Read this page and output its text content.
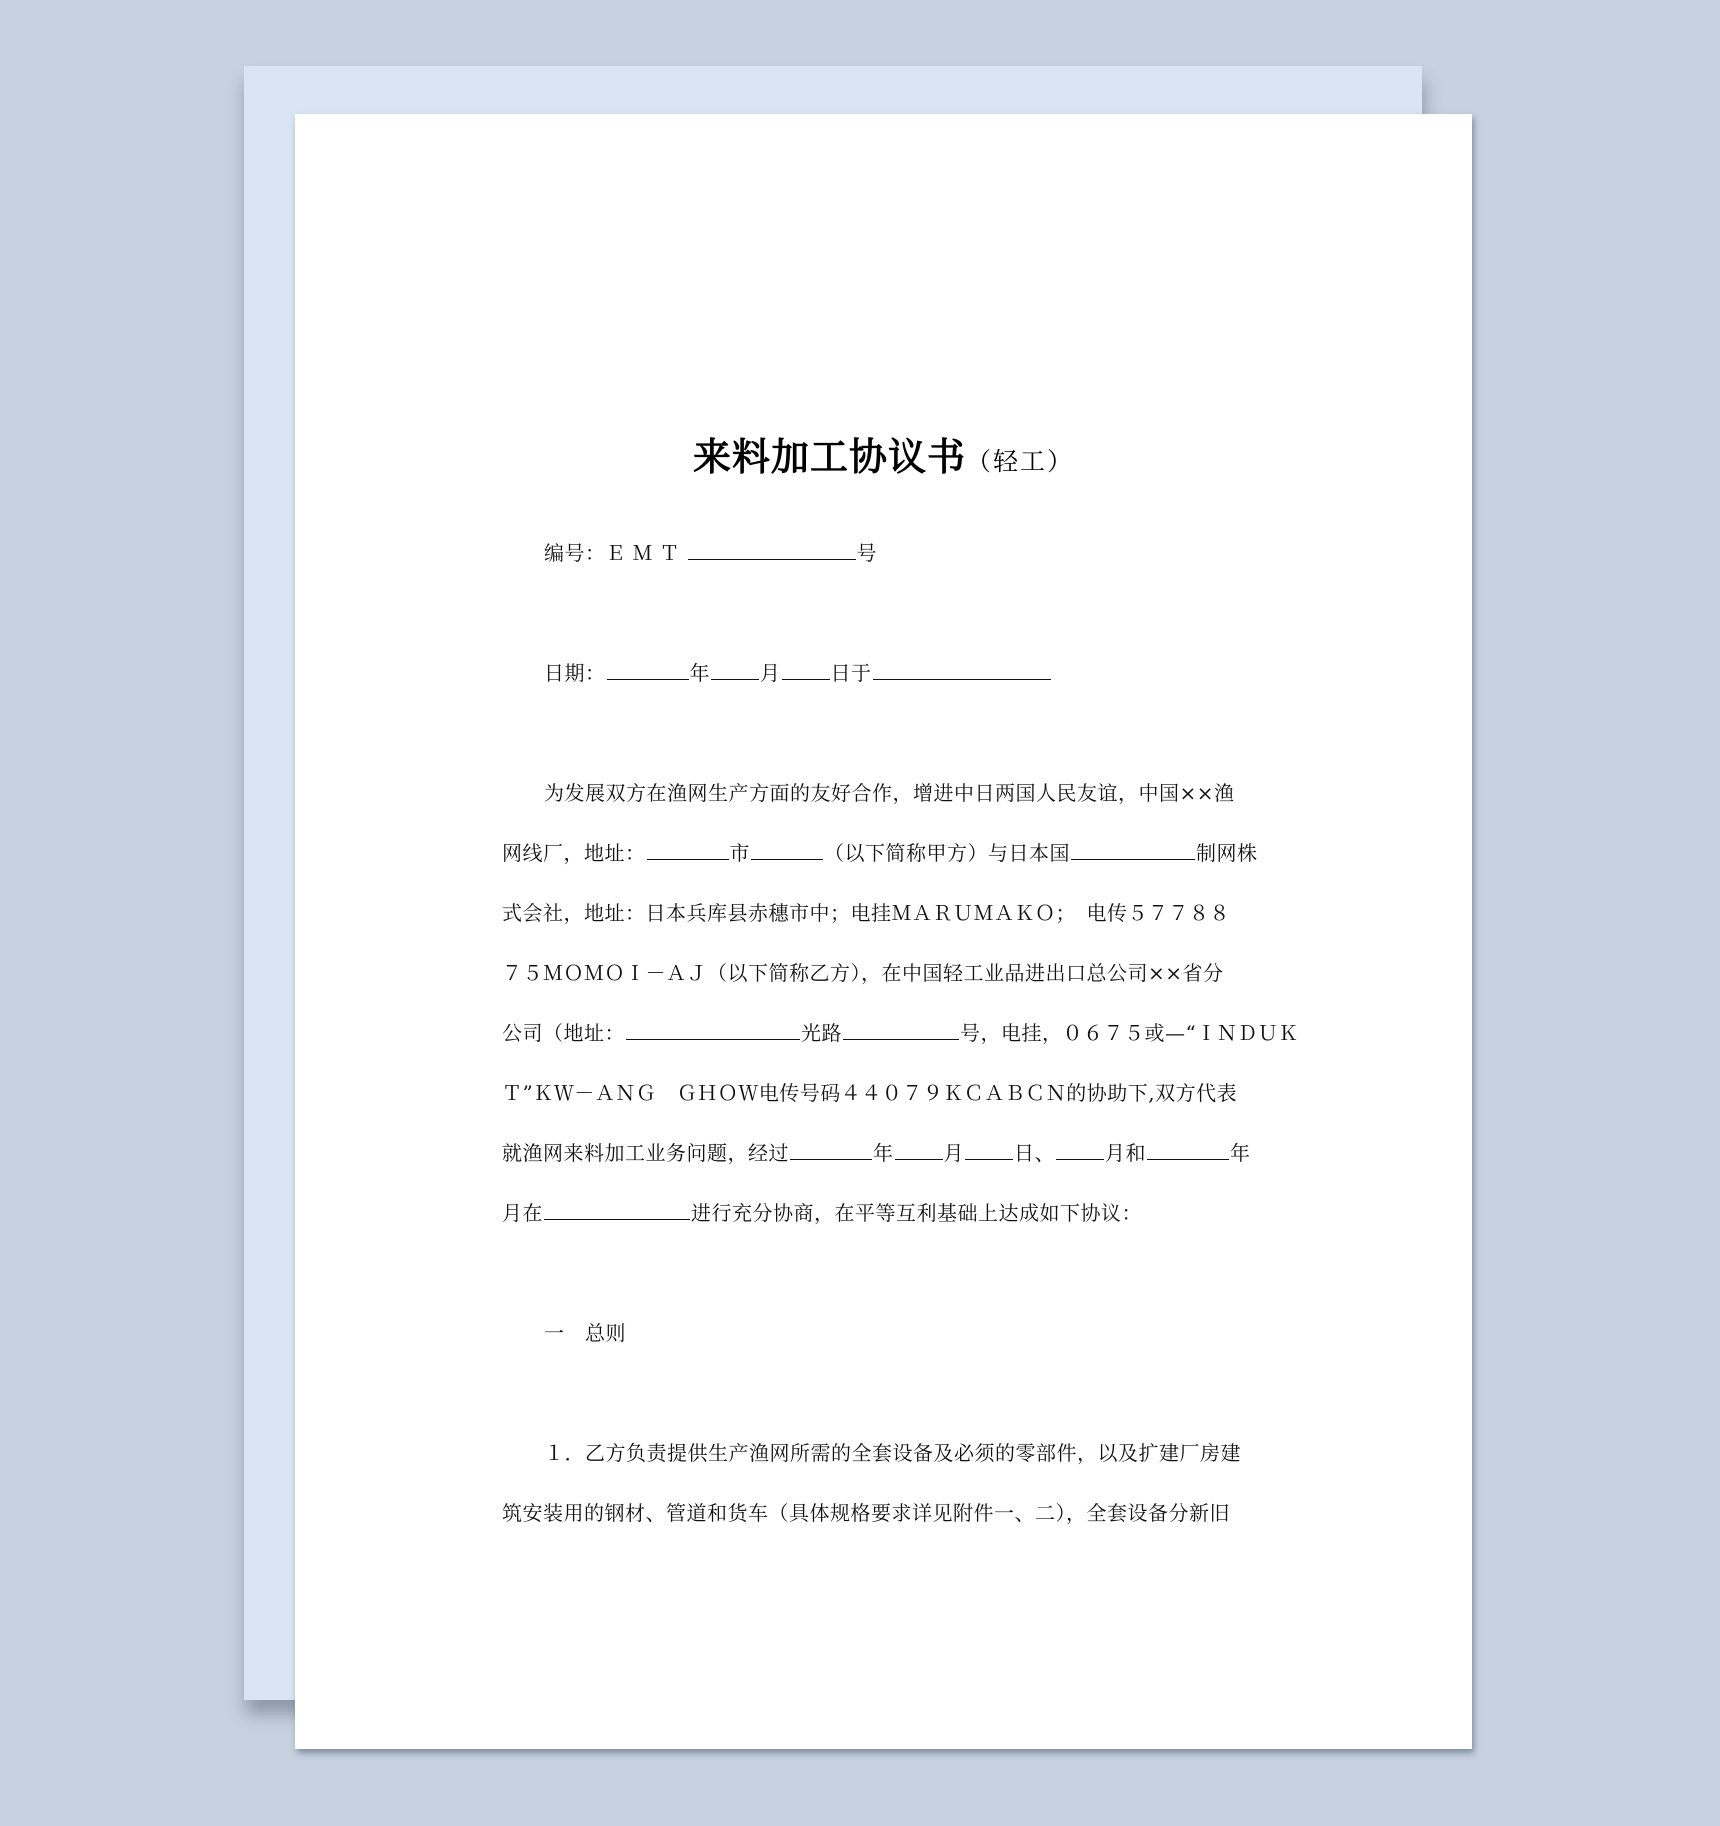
来料加工协议书（轻工）
编号：ＥＭＴ	号
日期：	年	月	日于
为发展双方在渔网生产方面的友好合作，增进中日两国人民友谊，中国××渔
网线厂，地址：	市	（以下简称甲方）与日本国	制网株
式会社，地址：日本兵库县赤穗市中；电挂ＭＡＲＵＭＡＫＯ；　电传５７７８８
７５ＭＯＭＯＩ－ＡＪ（以下简称乙方），在中国轻工业品进出口总公司××省分
公司（地址：	光路	号，电挂，０６７５或—“ＩＮＤＵＫ
Ｔ”ＫＷ－ＡＮＧ　ＧＨＯＷ电传号码４４０７９ＫＣＡＢＣＮ的协助下,双方代表
就渔网来料加工业务问题，经过	年	月	日、	月和	年
月在	进行充分协商，在平等互利基础上达成如下协议：
一　总则
１．乙方负责提供生产渔网所需的全套设备及必须的零部件，以及扩建厂房建
筑安装用的钢材、管道和货车（具体规格要求详见附件一、二），全套设备分新旧
